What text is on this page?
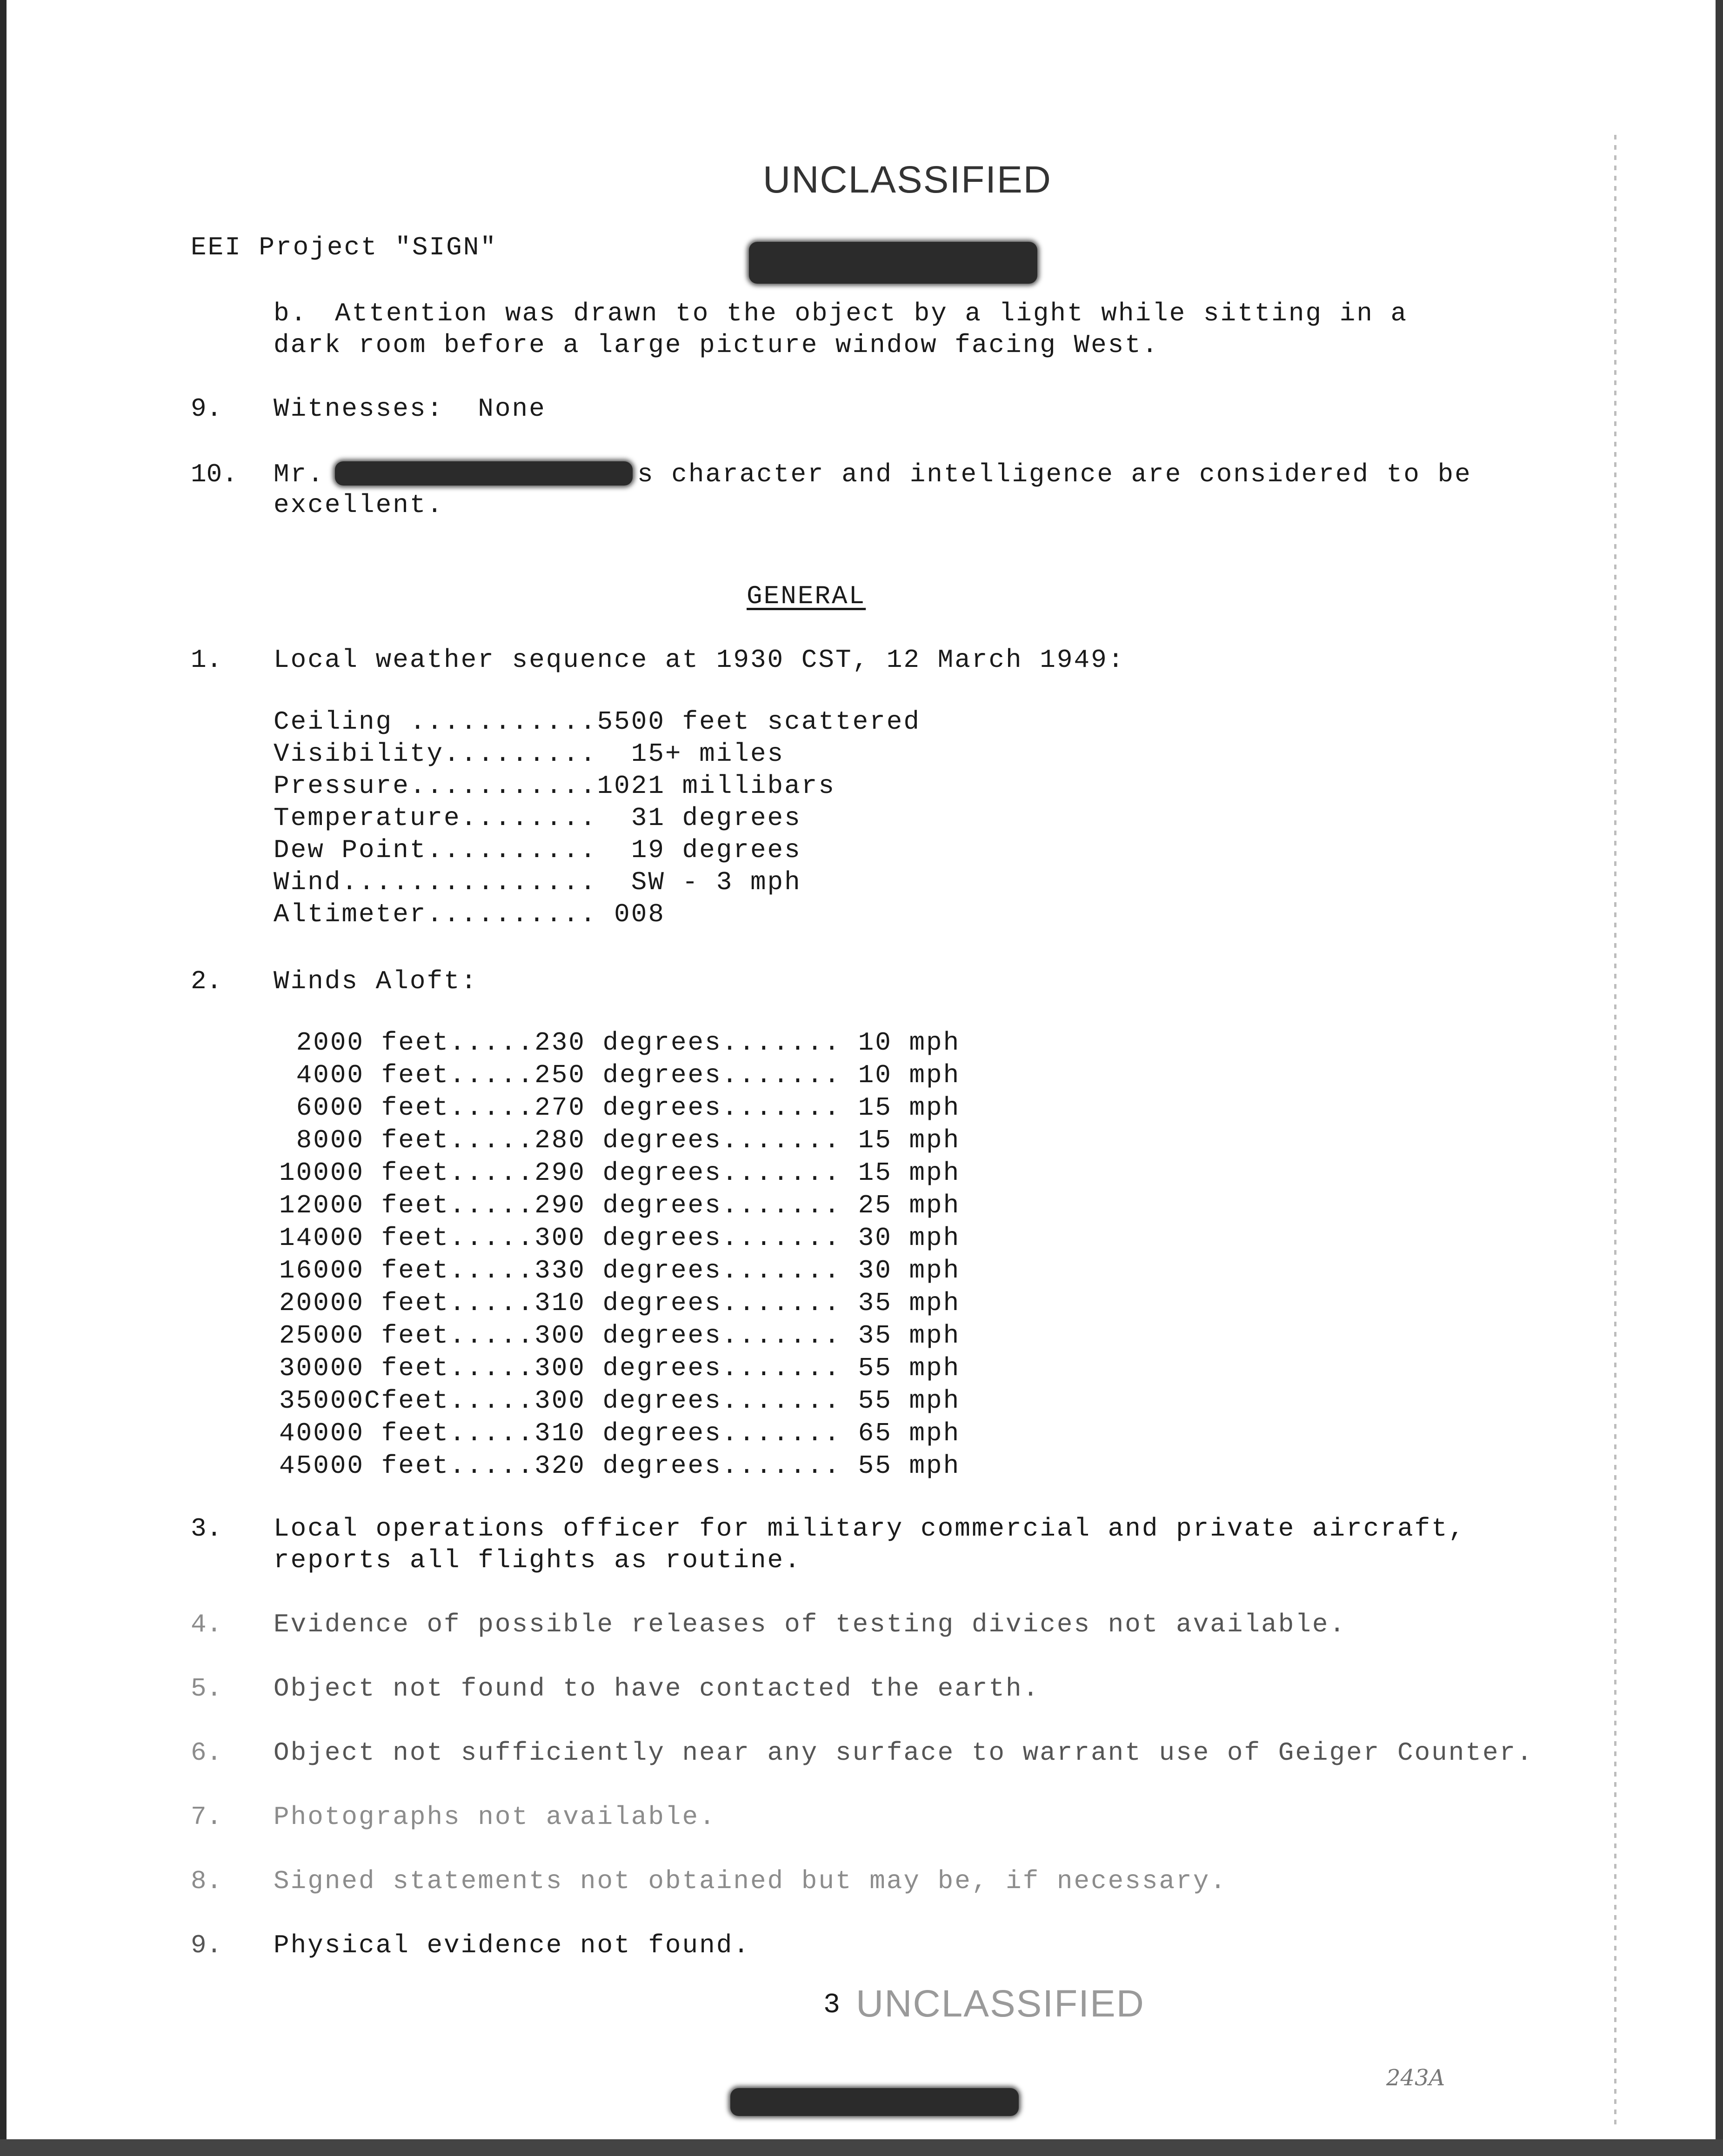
UNCLASSIFIED
EEI Project "SIGN"
b. Attention was drawn to the object by a light while sitting in a
dark room before a large picture window facing West.
9. Witnesses:  None
10. Mr.	s character and intelligence are considered to be
excellent.
GENERAL
1. Local weather sequence at 1930 CST, 12 March 1949:
Ceiling ...........5500 feet scattered
Visibility.........  15+ miles
Pressure...........1021 millibars
Temperature........  31 degrees
Dew Point..........  19 degrees
Wind...............  SW - 3 mph
Altimeter.......... 008
2. Winds Aloft:
2000 feet.....	230 degrees.......	10 mph
4000 feet.....	250 degrees.......	10 mph
6000 feet.....	270 degrees.......	15 mph
8000 feet.....	280 degrees.......	15 mph
10000 feet.....	290 degrees.......	15 mph
12000 feet.....	290 degrees.......	25 mph
14000 feet.....	300 degrees.......	30 mph
16000 feet.....	330 degrees.......	30 mph
20000 feet.....	310 degrees.......	35 mph
25000 feet.....	300 degrees.......	35 mph
30000 feet.....	300 degrees.......	55 mph
35000Cfeet.....	300 degrees.......	55 mph
40000 feet.....	310 degrees.......	65 mph
45000 feet.....	320 degrees.......	55 mph
3. Local operations officer for military commercial and private aircraft,
reports all flights as routine.
4. Evidence of possible releases of testing divices not available.
5. Object not found to have contacted the earth.
6. Object not sufficiently near any surface to warrant use of Geiger Counter.
7. Photographs not available.
8. Signed statements not obtained but may be, if necessary.
9. Physical evidence not found.
3 UNCLASSIFIED
243A
